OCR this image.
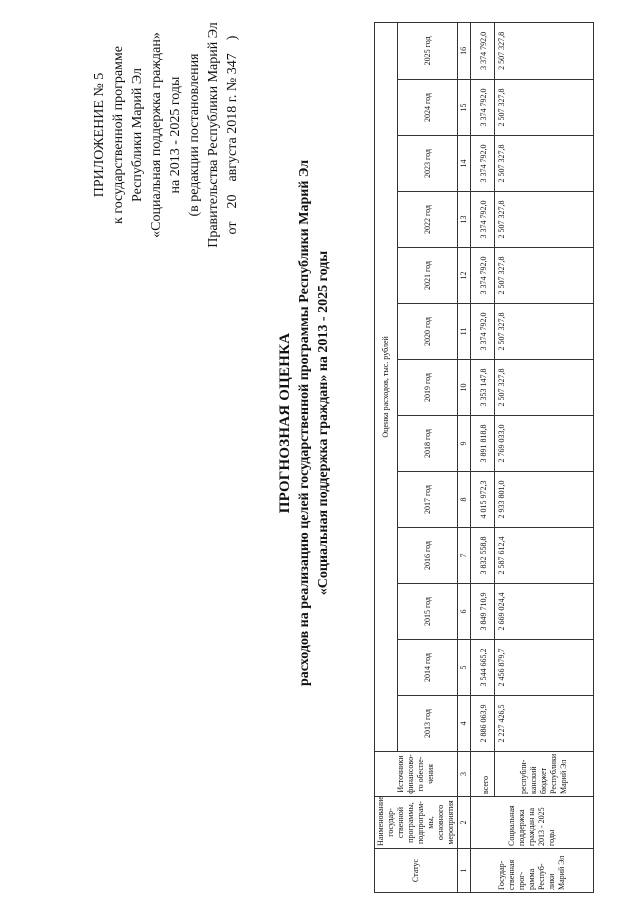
ПРИЛОЖЕНИЕ № 5 к государственной программе Республики Марий Эл «Социальная поддержка граждан» на 2013 - 2025 годы (в редакции постановления Правительства Республики Марий Эл от  20  августа 2018 г. № 347  )
ПРОГНОЗНАЯ ОЦЕНКА расходов на реализацию целей государственной программы Республики Марий Эл «Социальная поддержка граждан» на 2013 - 2025 годы
Статус	Наименование государ-ственной программы, подпрограм-мы, основного мероприятия	Источники финансово-го обеспе-чения	Оценка расходов, тыс. рублей												
			2013 год	2014 год	2015 год	2016 год	2017 год	2018 год	2019 год	2020 год	2021 год	2022 год	2023 год	2024 год	2025 год
1	2	3	4	5	6	7	8	9	10	11	12	13	14	15	16
Государ-ственная прог-рамма Респуб-лики Марий Эл	Социальная поддержка граждан на 2013 - 2025 годы	всего	2 886 063,9	3 544 665,2	3 849 710,9	3 832 558,8	4 015 972,3	3 891 818,8	3 353 147,8	3 374 792,0	3 374 792,0	3 374 792,0	3 374 792,0	3 374 792,0	3 374 792,0
		республи-канский бюджет Республики Марий Эл	2 227 426,5	2 456 879,7	2 669 024,4	2 587 612,4	2 933 801,0	2 769 033,0	2 507 327,8	2 507 327,8	2 507 327,8	2 507 327,8	2 507 327,8	2 507 327,8	2 507 327,8
